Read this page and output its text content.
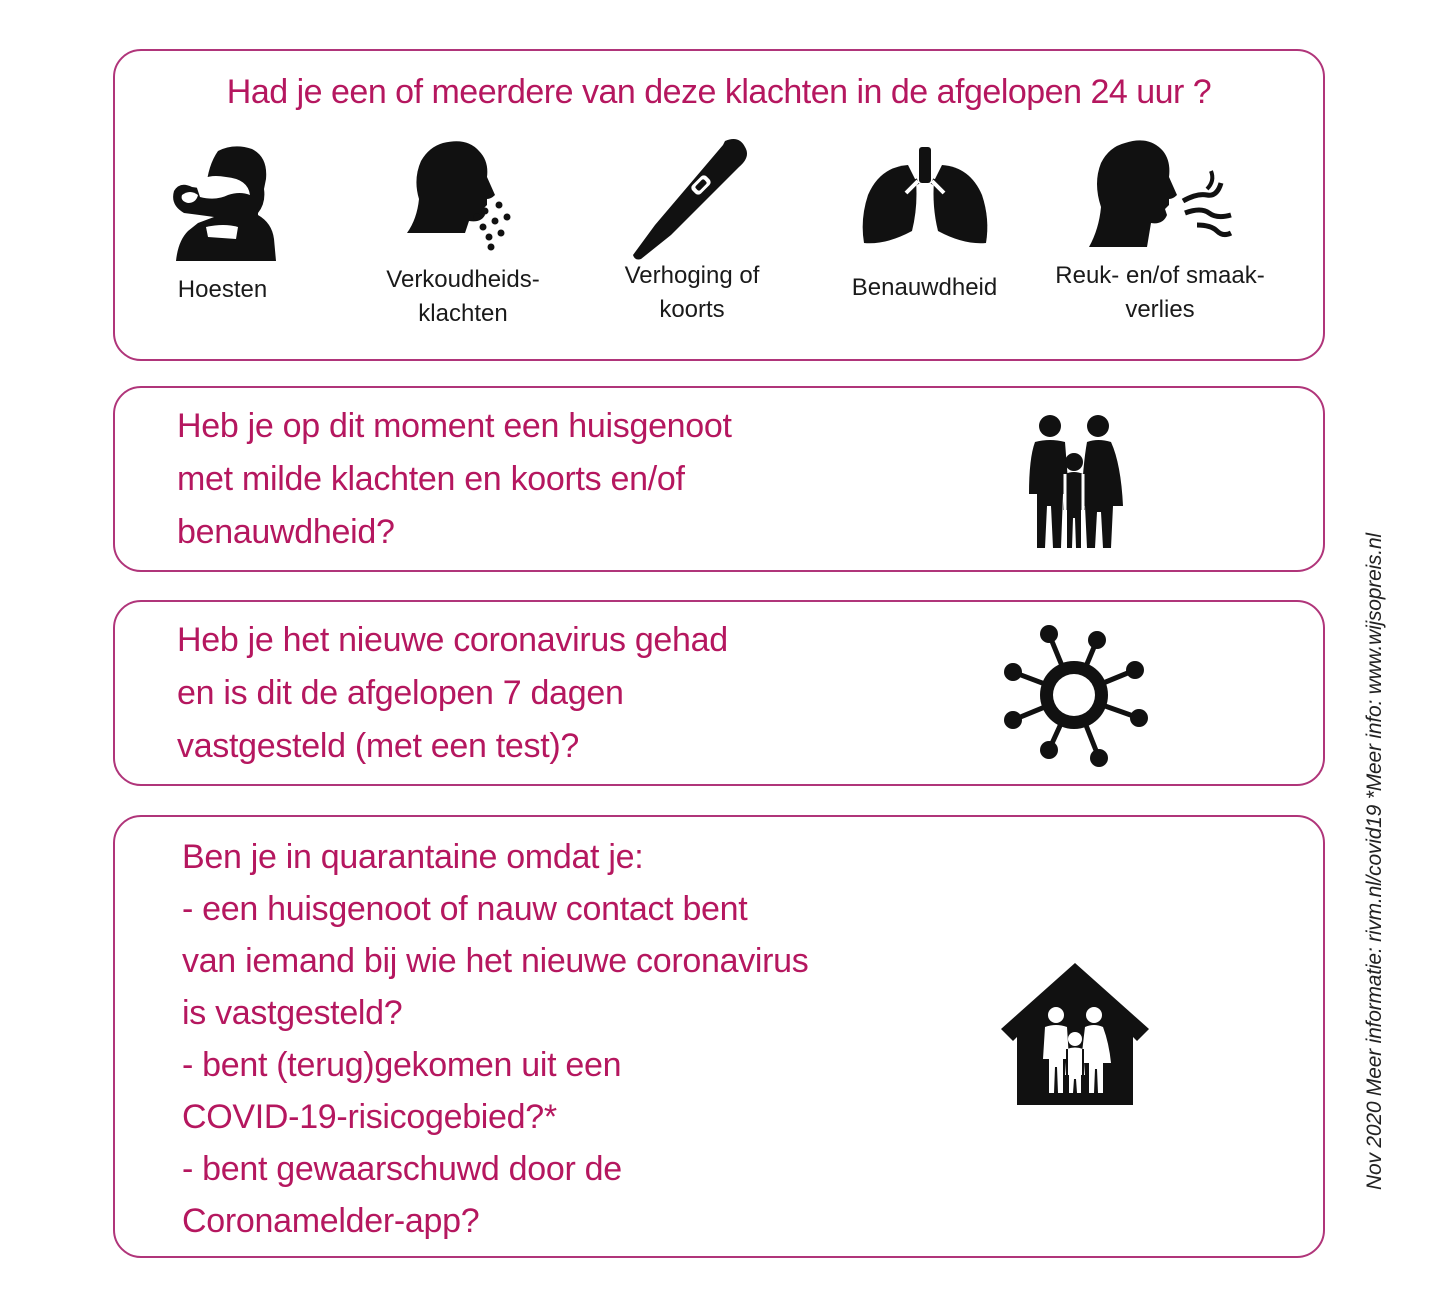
Had je een of meerdere van deze klachten in de afgelopen 24 uur ?

Hoesten	Verkoudheids-
klachten
Verhoging of
koorts
Benauwdheid	Reuk- en/of smaak-
verlies
Heb je op dit moment een huisgenoot
met milde klachten en koorts en/of
benauwdheid?
Heb je het nieuwe coronavirus gehad
en is dit de afgelopen 7 dagen
vastgesteld (met een test)?
Ben je in quarantaine omdat je:
- een huisgenoot of nauw contact bent
van iemand bij wie het nieuwe coronavirus
is vastgesteld?
- bent (terug)gekomen uit een
COVID-19-risicogebied?*
- bent gewaarschuwd door de
Coronamelder-app?
Nov 2020 Meer informatie: rivm.nl/covid19 *Meer info: www.wijsopreis.nl
